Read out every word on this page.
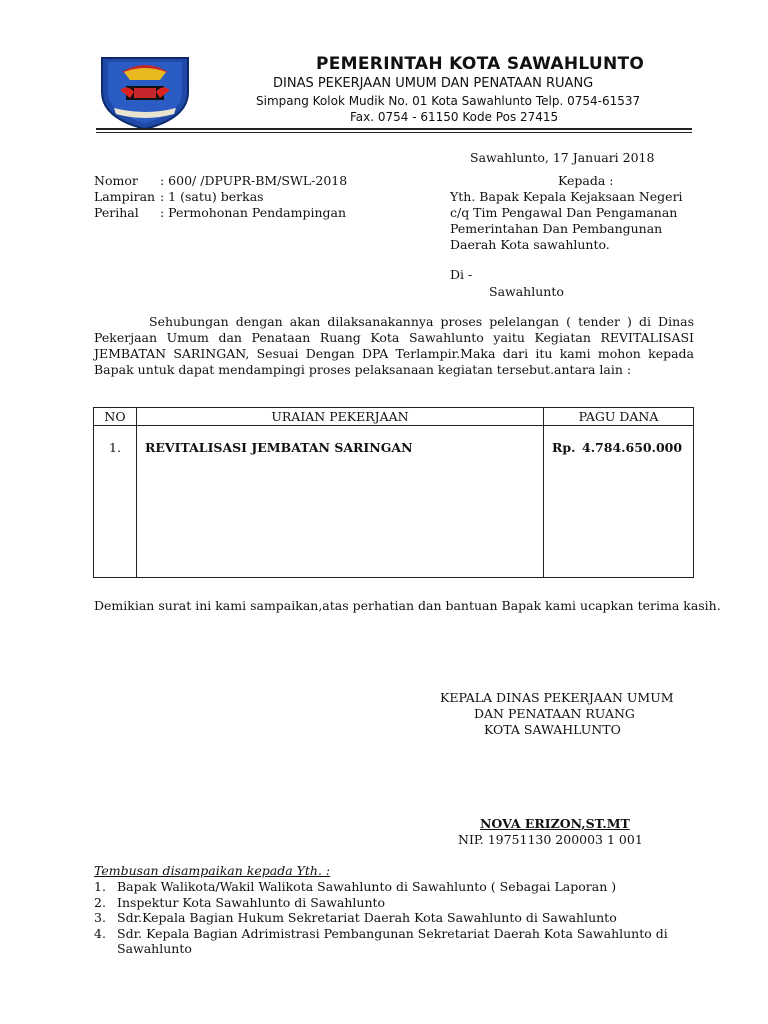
PEMERINTAH KOTA SAWAHLUNTO
DINAS PEKERJAAN UMUM DAN PENATAAN RUANG
Simpang Kolok Mudik No. 01 Kota Sawahlunto Telp. 0754-61537
Fax. 0754 - 61150 Kode Pos 27415
Sawahlunto, 17 Januari 2018
Nomor : 600/ /DPUPR-BM/SWL-2018
Lampiran : 1 (satu) berkas
Perihal : Permohonan Pendampingan
Kepada :
Yth. Bapak Kepala Kejaksaan Negeri
c/q Tim Pengawal Dan Pengamanan
Pemerintahan Dan Pembangunan
Daerah Kota sawahlunto.
Di -
Sawahlunto
Sehubungan dengan akan dilaksanakannya proses pelelangan ( tender ) di Dinas Pekerjaan Umum dan Penataan Ruang Kota Sawahlunto yaitu Kegiatan REVITALISASI JEMBATAN SARINGAN, Sesuai Dengan DPA Terlampir.Maka dari itu kami mohon kepada Bapak untuk dapat mendampingi proses pelaksanaan kegiatan tersebut.antara lain :
NO	URAIAN PEKERJAAN	PAGU DANA
1.	REVITALISASI JEMBATAN SARINGAN	Rp. 4.784.650.000
Demikian surat ini kami sampaikan,atas perhatian dan bantuan Bapak kami ucapkan terima kasih.
KEPALA DINAS PEKERJAAN UMUM
DAN PENATAAN RUANG
KOTA SAWAHLUNTO
NOVA ERIZON,ST.MT
NIP. 19751130 200003 1 001
Tembusan disampaikan kepada Yth. :
1. Bapak Walikota/Wakil Walikota Sawahlunto di Sawahlunto ( Sebagai Laporan )
2. Inspektur Kota Sawahlunto di Sawahlunto
3. Sdr.Kepala Bagian Hukum Sekretariat Daerah Kota Sawahlunto di Sawahlunto
4. Sdr. Kepala Bagian Adrimistrasi Pembangunan Sekretariat Daerah Kota Sawahlunto di Sawahlunto
